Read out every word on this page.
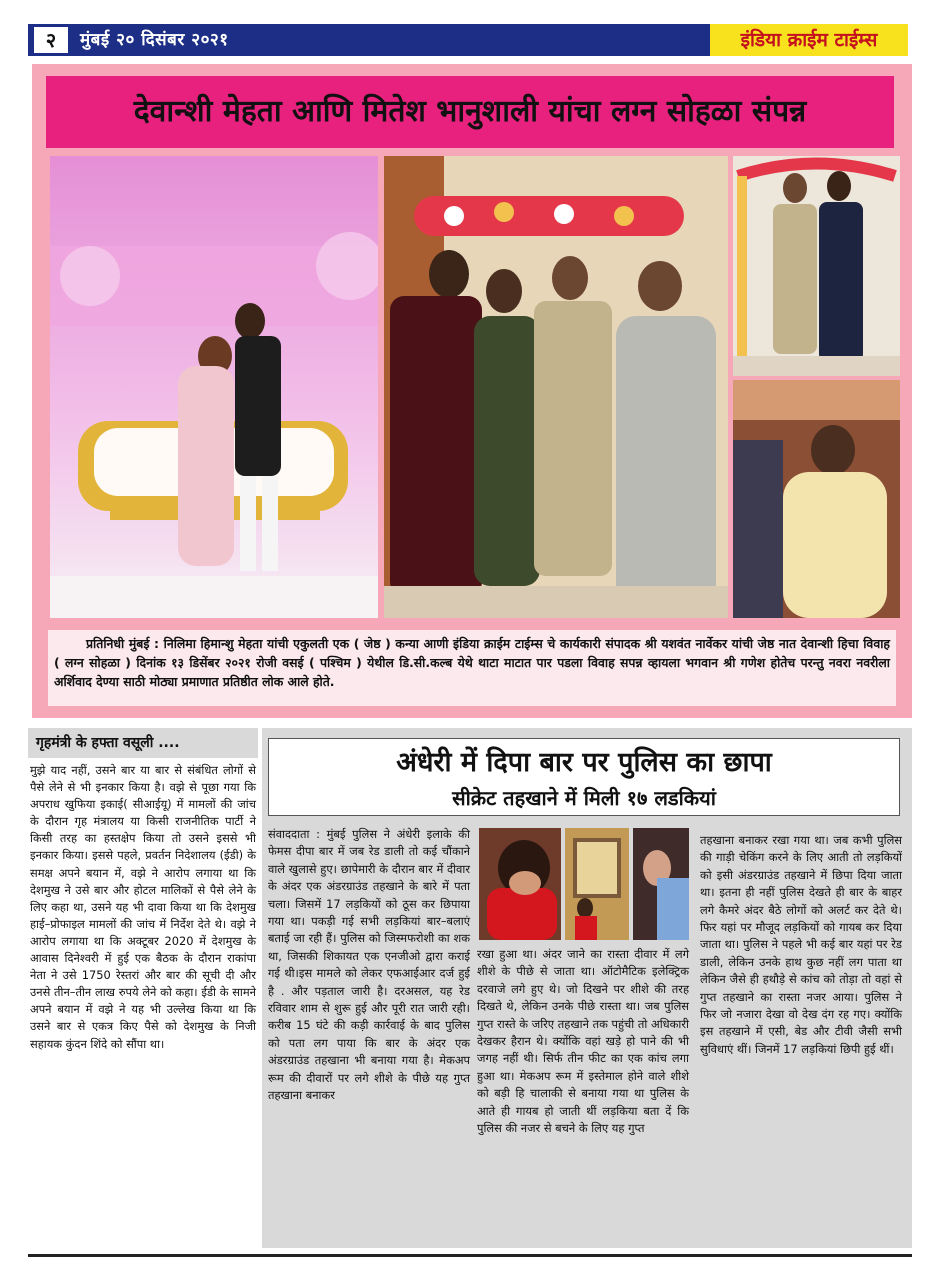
२	मुंबई २० दिसंबर २०२१	इंडिया क्राईम टाईम्स
देवान्शी मेहता आणि मितेश भानुशाली यांचा लग्न सोहळा संपन्न

प्रतिनिधी मुंबई : निलिमा हिमान्शु मेहता यांची एकुलती एक ( जेष्ठ ) कन्या आणी इंडिया क्राईम टाईम्स चे कार्यकारी संपादक श्री यशवंत नार्वेकर यांची जेष्ठ नात देवान्शी हिचा विवाह ( लग्न सोहळा ) दिनांक १३ डिसेंबर २०२१ रोजी वसई ( पश्चिम ) येथील डि.सी.कल्ब येथे थाटा माटात पार पडला विवाह सपन्न व्हायला भगवान श्री गणेश होतेच परन्तु नवरा नवरीला अर्शिवाद देण्या साठी मोठ्या प्रमाणात प्रतिष्ठीत लोक आले होते.

गृहमंत्री के हफ्ता वसूली ....

मुझे याद नहीं, उसने बार या बार से संबंधित लोगों से पैसे लेने से भी इनकार किया है। वझे से पूछा गया कि अपराध खुफिया इकाई( सीआईयू) में मामलों की जांच के दौरान गृह मंत्रालय या किसी राजनीतिक पार्टी ने किसी तरह का हस्तक्षेप किया तो उसने इससे भी इनकार किया। इससे पहले, प्रवर्तन निदेशालय (ईडी) के समक्ष अपने बयान में, वझे ने आरोप लगाया था कि देशमुख ने उसे बार और होटल मालिकों से पैसे लेने के लिए कहा था, उसने यह भी दावा किया था कि देशमुख हाई–प्रोफाइल मामलों की जांच में निर्देश देते थे। वझे ने आरोप लगाया था कि अक्टूबर 2020 में देशमुख के आवास दिनेश्वरी में हुई एक बैठक के दौरान राकांपा नेता ने उसे 1750 रेस्तरां और बार की सूची दी और उनसे तीन–तीन लाख रुपये लेने को कहा। ईडी के सामने अपने बयान में वझे ने यह भी उल्लेख किया था कि उसने बार से एकत्र किए पैसे को देशमुख के निजी सहायक कुंदन शिंदे को सौंपा था।

अंधेरी में दिपा बार पर पुलिस का छापा
सीक्रेट तहखाने में मिली १७ लडकियां

संवाददाता : मुंबई पुलिस ने अंधेरी इलाके की फेमस दीपा बार में जब रेड डाली तो कई चौंकाने वाले खुलासे हुए। छापेमारी के दौरान बार में दीवार के अंदर एक अंडरग्राउंड तहखाने के बारे में पता चला। जिसमें 17 लड़कियों को ठूस कर छिपाया गया था। पकड़ी गई सभी लड़कियां बार–बलाएं बताई जा रही हैं। पुलिस को जिस्मफरोशी का शक था, जिसकी शिकायत एक एनजीओ द्वारा कराई गई थी।इस मामले को लेकर एफआईआर दर्ज हुई है . और पड़ताल जारी है। दरअसल, यह रेड रविवार शाम से शुरू हुई और पूरी रात जारी रही। करीब 15 घंटे की कड़ी कार्रवाई के बाद पुलिस को पता लग पाया कि बार के अंदर एक अंडरग्राउंड तहखाना भी बनाया गया है। मेकअप रूम की दीवारों पर लगे शीशे के पीछे यह गुप्त तहखाना बनाकर

रखा हुआ था। अंदर जाने का रास्ता दीवार में लगे शीशे के पीछे से जाता था। ऑटोमैटिक इलेक्ट्रिक दरवाजे लगे हुए थे। जो दिखने पर शीशे की तरह दिखते थे, लेकिन उनके पीछे रास्ता था। जब पुलिस गुप्त रास्ते के जरिए तहखाने तक पहुंची तो अधिकारी देखकर हैरान थे। क्योंकि वहां खड़े हो पाने की भी जगह नहीं थी। सिर्फ तीन फीट का एक कांच लगा हुआ था। मेकअप रूम में इस्तेमाल होने वाले शीशे को बड़ी हि चालाकी से बनाया गया था पुलिस के आते ही गायब हो जाती थीं लड़किया बता दें कि पुलिस की नजर से बचने के लिए यह गुप्त

तहखाना बनाकर रखा गया था। जब कभी पुलिस की गाड़ी चेकिंग करने के लिए आती तो लड़कियों को इसी अंडरग्राउंड तहखाने में छिपा दिया जाता था। इतना ही नहीं पुलिस देखते ही बार के बाहर लगे कैमरे अंदर बैठे लोगों को अलर्ट कर देते थे। फिर यहां पर मौजूद लड़कियों को गायब कर दिया जाता था। पुलिस ने पहले भी कई बार यहां पर रेड डाली, लेकिन उनके हाथ कुछ नहीं लग पाता था लेकिन जैसे ही हथौड़े से कांच को तोड़ा तो वहां से गुप्त तहखाने का रास्ता नजर आया। पुलिस ने फिर जो नजारा देखा वो देख दंग रह गए। क्योंकि इस तहखाने में एसी, बेड और टीवी जैसी सभी सुविधाएं थीं। जिनमें 17 लड़कियां छिपी हुई थीं।
